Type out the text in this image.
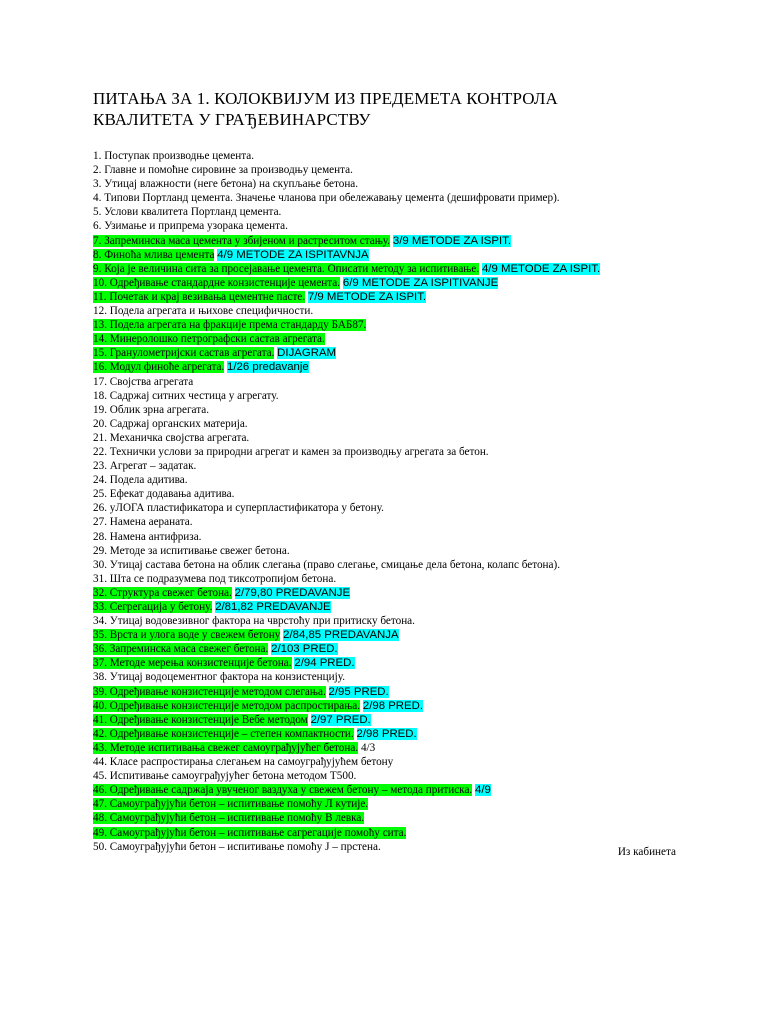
ПИТАЊА ЗА 1. КОЛОКВИЈУМ ИЗ ПРЕДЕМЕТА КОНТРОЛА
КВАЛИТЕТА У ГРАЂЕВИНАРСТВУ
1. Поступак производње цемента.
2. Главне и помоћне сировине за производњу цемента.
3. Утицај влажности (неге бетона) на скупљање бетона.
4. Типови Портланд цемента. Значење чланова при обележавању цемента (дешифровати пример).
5. Услови квалитета Портланд цемента.
6. Узимање и припрема узорака цемента.
7. Запреминска маса цемента у збијеном и растреситом стању. 3/9 METODE ZA ISPIT.
8. Финоћа млива цемента 4/9 METODE ZA ISPITAVNJA
9. Која је величина сита за просејавање цемента. Описати методу за испитивање. 4/9 METODE ZA ISPIT.
10. Одређивање стандардне конзистенције цемента. 6/9 METODE ZA ISPITIVANJE
11. Почетак и крај везивања цементне пасте. 7/9 METODE ZA ISPIT.
12. Подела агрегата и њихове специфичности.
13. Подела агрегата на фракције према стандарду БАБ87.
14. Минеролошко петрографски састав агрегата.
15. Гранулометријски састав агрегата. DIJAGRAM
16. Модул финоће агрегата. 1/26 predavanje
17. Својства агрегата
18. Садржај ситних честица у агрегату.
19. Облик зрна агрегата.
20. Садржај органских материја.
21. Механичка својства агрегата.
22. Технички услови за природни агрегат и камен за производњу агрегата за бетон.
23. Агрегат – задатак.
24. Подела адитива.
25. Ефекат додавања адитива.
26. уЛОГА пластификатора и суперпластификатора у бетону.
27. Намена аераната.
28. Намена антифриза.
29. Методе за испитивање свежег бетона.
30. Утицај састава бетона на облик слегања (право слегање, смицање дела бетона, колапс бетона).
31. Шта се подразумева под тиксотропијом бетона.
32. Структура свежег бетона. 2/79,80 PREDAVANJE
33. Сегрегација у бетону. 2/81,82 PREDAVANJE
34. Утицај водовезивног фактора на чврстоћу при притиску бетона.
35. Врста и улога воде у свежем бетону 2/84,85 PREDAVANJA
36. Запреминска маса свежег бетона. 2/103 PRED.
37. Методе мерења конзистенције бетона. 2/94 PRED.
38. Утицај водоцементног фактора на конзистенцију.
39. Одређивање конзистенције методом слегања. 2/95 PRED.
40. Одређивање конзистенције методом распростирања. 2/98 PRED.
41. Одређивање конзистенције Вебе методом 2/97 PRED.
42. Одређивање конзистенције – степен компактности. 2/98 PRED.
43. Методе испитивања свежег самоуграђујућег бетона. 4/3
44. Класе распростирања слегањем на самоуграђујућем бетону
45. Испитивање самоуграђујућег бетона методом Т500.
46. Одређивање садржаја увученог ваздуха у свежем бетону – метода притиска. 4/9
47. Самоуграђујући бетон – испитивање помоћу Л кутије.
48. Самоуграђујући бетон – испитивање помоћу В левка.
49. Самоуграђујући бетон – испитивање сагрегације помоћу сита.
50. Самоуграђујући бетон – испитивање помоћу Ј – прстена.	Из кабинета
